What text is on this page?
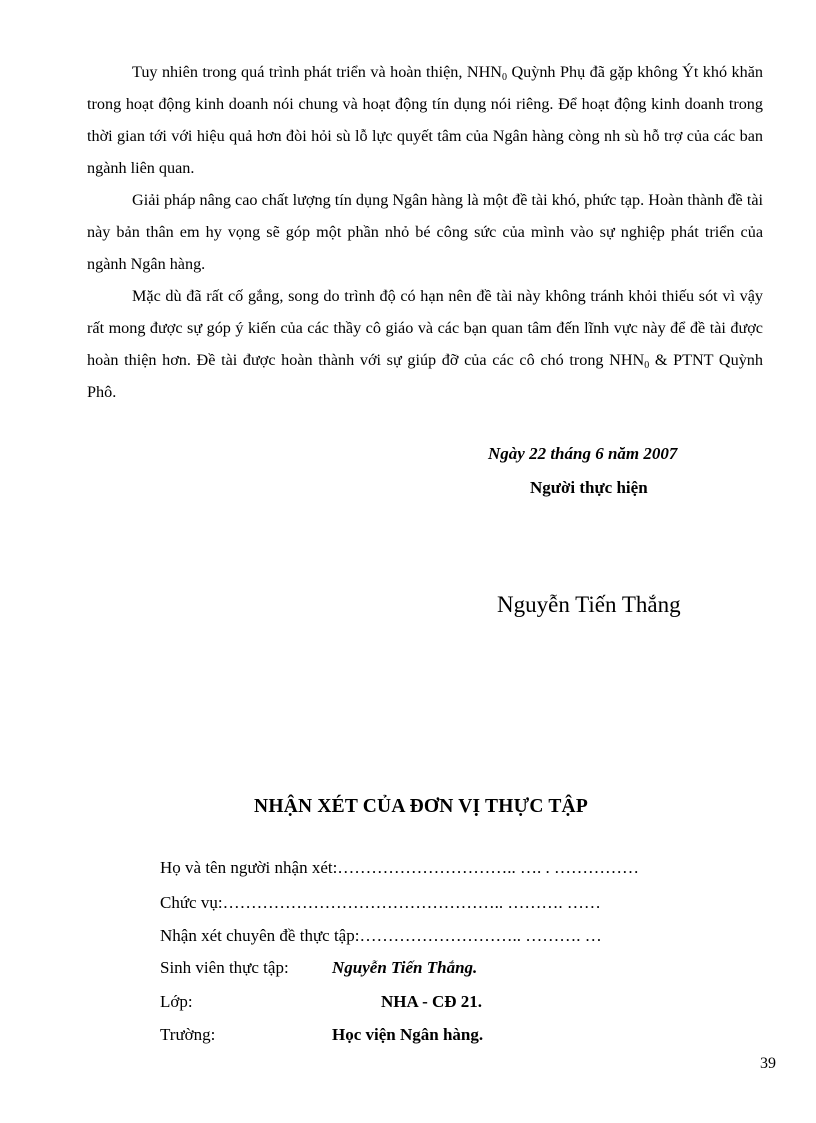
Tuy nhiên trong quá trình phát triển và hoàn thiện, $NHN_0$ Quỳnh Phụ đã gặp không Ýt khó khăn trong hoạt động kinh doanh nói chung và hoạt động tín dụng nói riêng. Để hoạt động kinh doanh trong thời gian tới với hiệu quả hơn đòi hỏi sù lỗ lực quyết tâm của Ngân hàng còng nh sù hỗ trợ của các ban ngành liên quan.

Giải pháp nâng cao chất lượng tín dụng Ngân hàng là một đề tài khó, phức tạp. Hoàn thành đề tài này bản thân em hy vọng sẽ góp một phần nhỏ bé công sức của mình vào sự nghiệp phát triển của ngành Ngân hàng.

Mặc dù đã rất cố gắng, song do trình độ có hạn nên đề tài này không tránh khỏi thiếu sót vì vậy rất mong được sự góp ý kiến của các thầy cô giáo và các bạn quan tâm đến lĩnh vực này để đề tài được hoàn thiện hơn. Đề tài được hoàn thành với sự giúp đỡ của các cô chó trong $NHN_0$ & PTNT Quỳnh Phô.

Ngày 22 tháng 6 năm 2007
Người thực hiện
Nguyễn Tiến Thắng
NHẬN XÉT CỦA ĐƠN VỊ THỰC TẬP
Họ và tên người nhận xét:………………………….. …. . ……………
Chức vụ:………………………………………….. ………. ……
Nhận xét chuyên đề thực tập:……………………….. ………. …
Sinh viên thực tập:	Nguyễn Tiến Thắng.
Lớp:	NHA - CĐ 21.
Trường:	Học viện Ngân hàng.
39
